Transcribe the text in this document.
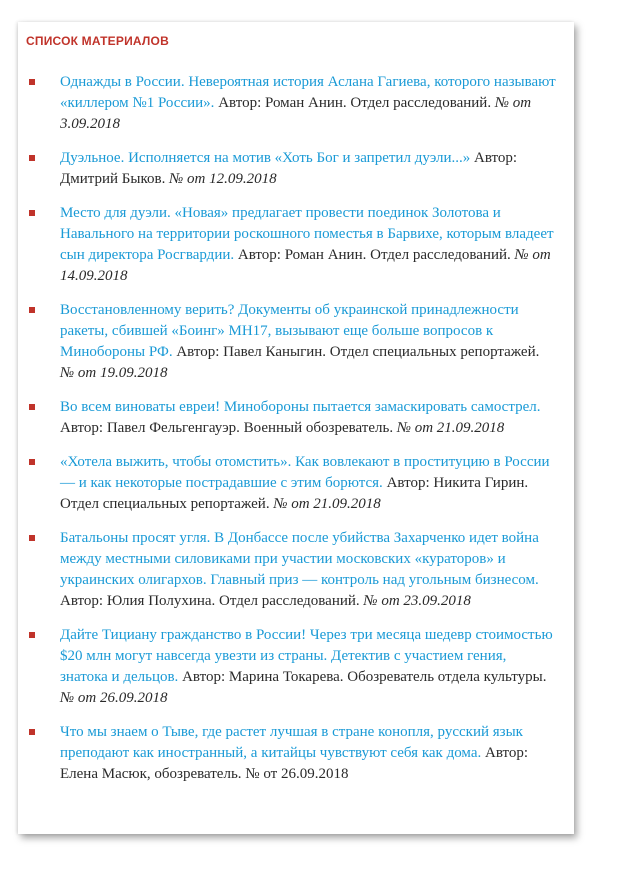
СПИСОК МАТЕРИАЛОВ
Однажды в России. Невероятная история Аслана Гагиева, которого называют «киллером №1 России». Автор: Роман Анин. Отдел расследований. № от 3.09.2018
Дуэльное. Исполняется на мотив «Хоть Бог и запретил дуэли...» Автор: Дмитрий Быков. № от 12.09.2018
Место для дуэли. «Новая» предлагает провести поединок Золотова и Навального на территории роскошного поместья в Барвихе, которым владеет сын директора Росгвардии. Автор: Роман Анин. Отдел расследований. № от 14.09.2018
Восстановленному верить? Документы об украинской принадлежности ракеты, сбившей «Боинг» MH17, вызывают еще больше вопросов к Минобороны РФ. Автор: Павел Каныгин. Отдел специальных репортажей. № от 19.09.2018
Во всем виноваты евреи! Минобороны пытается замаскировать самострел. Автор: Павел Фельгенгауэр. Военный обозреватель. № от 21.09.2018
«Хотела выжить, чтобы отомстить». Как вовлекают в проституцию в России — и как некоторые пострадавшие с этим борются. Автор: Никита Гирин. Отдел специальных репортажей. № от 21.09.2018
Батальоны просят угля. В Донбассе после убийства Захарченко идет война между местными силовиками при участии московских «кураторов» и украинских олигархов. Главный приз — контроль над угольным бизнесом. Автор: Юлия Полухина. Отдел расследований. № от 23.09.2018
Дайте Тициану гражданство в России! Через три месяца шедевр стоимостью $20 млн могут навсегда увезти из страны. Детектив с участием гения, знатока и дельцов. Автор: Марина Токарева. Обозреватель отдела культуры. № от 26.09.2018
Что мы знаем о Тыве, где растет лучшая в стране конопля, русский язык преподают как иностранный, а китайцы чувствуют себя как дома. Автор: Елена Масюк, обозреватель. № от 26.09.2018
